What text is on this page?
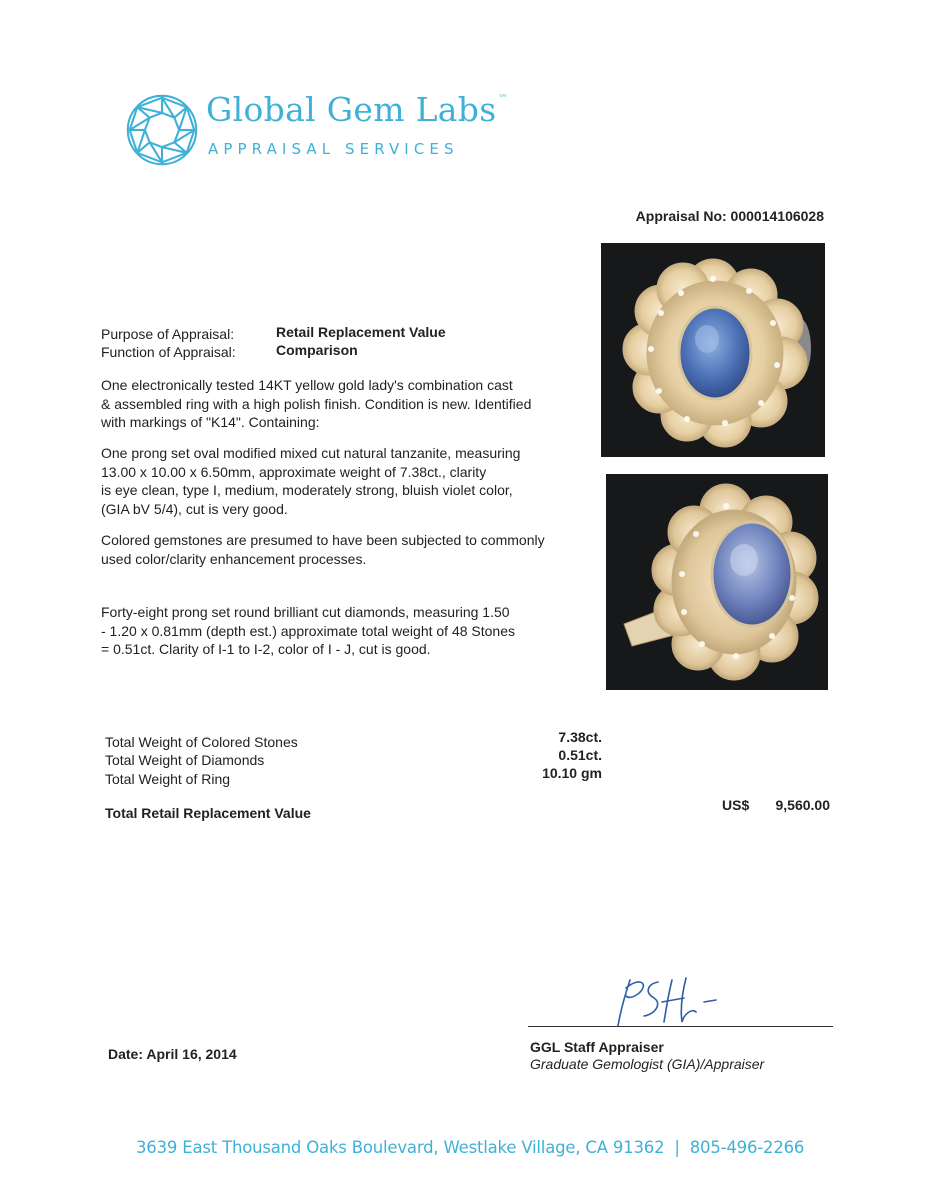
Global Gem Labs ™
APPRAISAL SERVICES
Appraisal No: 000014106028
Purpose of Appraisal:	Retail Replacement Value
Function of Appraisal:	Comparison
One electronically tested 14KT yellow gold lady's combination cast
& assembled ring with a high polish finish. Condition is new. Identified
with markings of "K14". Containing:
One prong set oval modified mixed cut natural tanzanite, measuring
13.00 x 10.00 x 6.50mm, approximate weight of 7.38ct., clarity
is eye clean, type I, medium, moderately strong, bluish violet color,
(GIA bV 5/4), cut is very good.
Colored gemstones are presumed to have been subjected to commonly
used color/clarity enhancement processes.
Forty-eight prong set round brilliant cut diamonds, measuring 1.50
- 1.20 x 0.81mm (depth est.) approximate total weight of 48 Stones
= 0.51ct. Clarity of I-1 to I-2, color of I - J, cut is good.
Total Weight of Colored Stones	7.38ct.
Total Weight of Diamonds	0.51ct.
Total Weight of Ring	10.10 gm
Total Retail Replacement Value	US$ 9,560.00
Date: April 16, 2014	GGL Staff Appraiser
Graduate Gemologist (GIA)/Appraiser
3639 East Thousand Oaks Boulevard, Westlake Village, CA 91362 | 805-496-2266
